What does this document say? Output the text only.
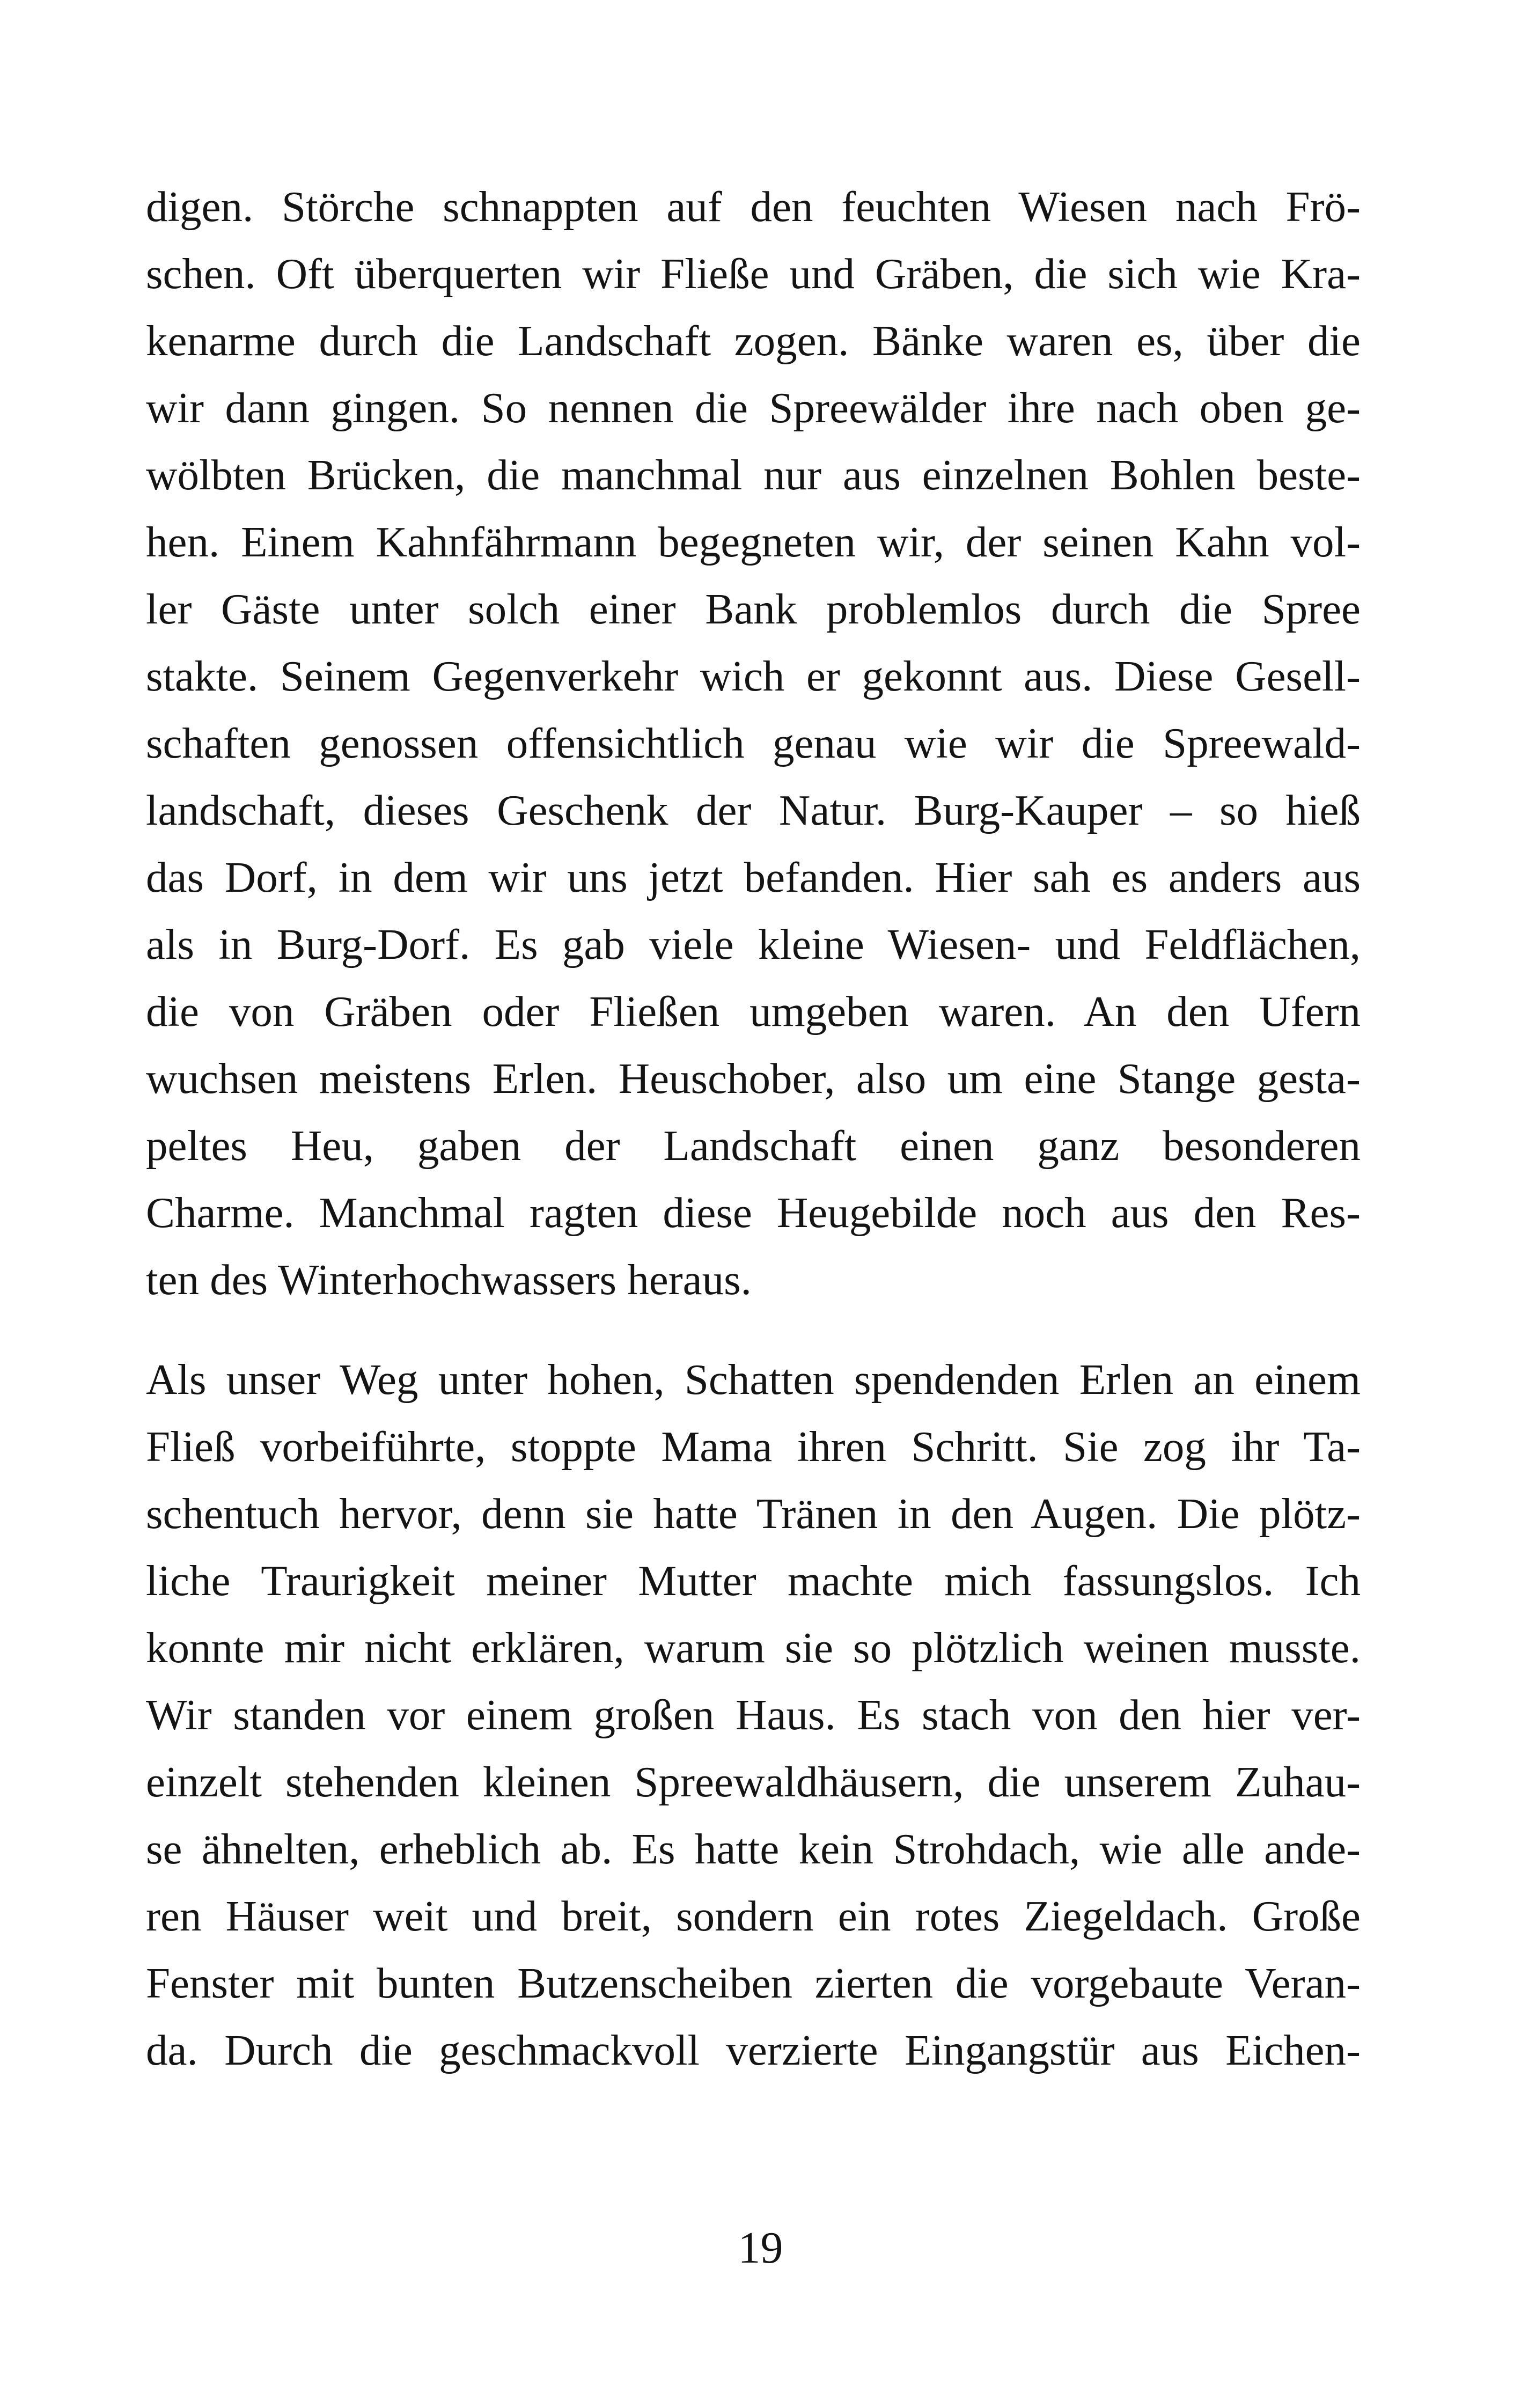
digen. Störche schnappten auf den feuchten Wiesen nach Frö-
schen. Oft überquerten wir Fließe und Gräben, die sich wie Kra-
kenarme durch die Landschaft zogen. Bänke waren es, über die
wir dann gingen. So nennen die Spreewälder ihre nach oben ge-
wölbten Brücken, die manchmal nur aus einzelnen Bohlen beste-
hen. Einem Kahnfährmann begegneten wir, der seinen Kahn vol-
ler Gäste unter solch einer Bank problemlos durch die Spree
stakte. Seinem Gegenverkehr wich er gekonnt aus. Diese Gesell-
schaften genossen offensichtlich genau wie wir die Spreewald-
landschaft, dieses Geschenk der Natur. Burg-Kauper – so hieß
das Dorf, in dem wir uns jetzt befanden. Hier sah es anders aus
als in Burg-Dorf. Es gab viele kleine Wiesen- und Feldflächen,
die von Gräben oder Fließen umgeben waren. An den Ufern
wuchsen meistens Erlen. Heuschober, also um eine Stange gesta-
peltes Heu, gaben der Landschaft einen ganz besonderen
Charme. Manchmal ragten diese Heugebilde noch aus den Res-
ten des Winterhochwassers heraus.
Als unser Weg unter hohen, Schatten spendenden Erlen an einem
Fließ vorbeiführte, stoppte Mama ihren Schritt. Sie zog ihr Ta-
schentuch hervor, denn sie hatte Tränen in den Augen. Die plötz-
liche Traurigkeit meiner Mutter machte mich fassungslos. Ich
konnte mir nicht erklären, warum sie so plötzlich weinen musste.
Wir standen vor einem großen Haus. Es stach von den hier ver-
einzelt stehenden kleinen Spreewaldhäusern, die unserem Zuhau-
se ähnelten, erheblich ab. Es hatte kein Strohdach, wie alle ande-
ren Häuser weit und breit, sondern ein rotes Ziegeldach. Große
Fenster mit bunten Butzenscheiben zierten die vorgebaute Veran-
da. Durch die geschmackvoll verzierte Eingangstür aus Eichen-
19
